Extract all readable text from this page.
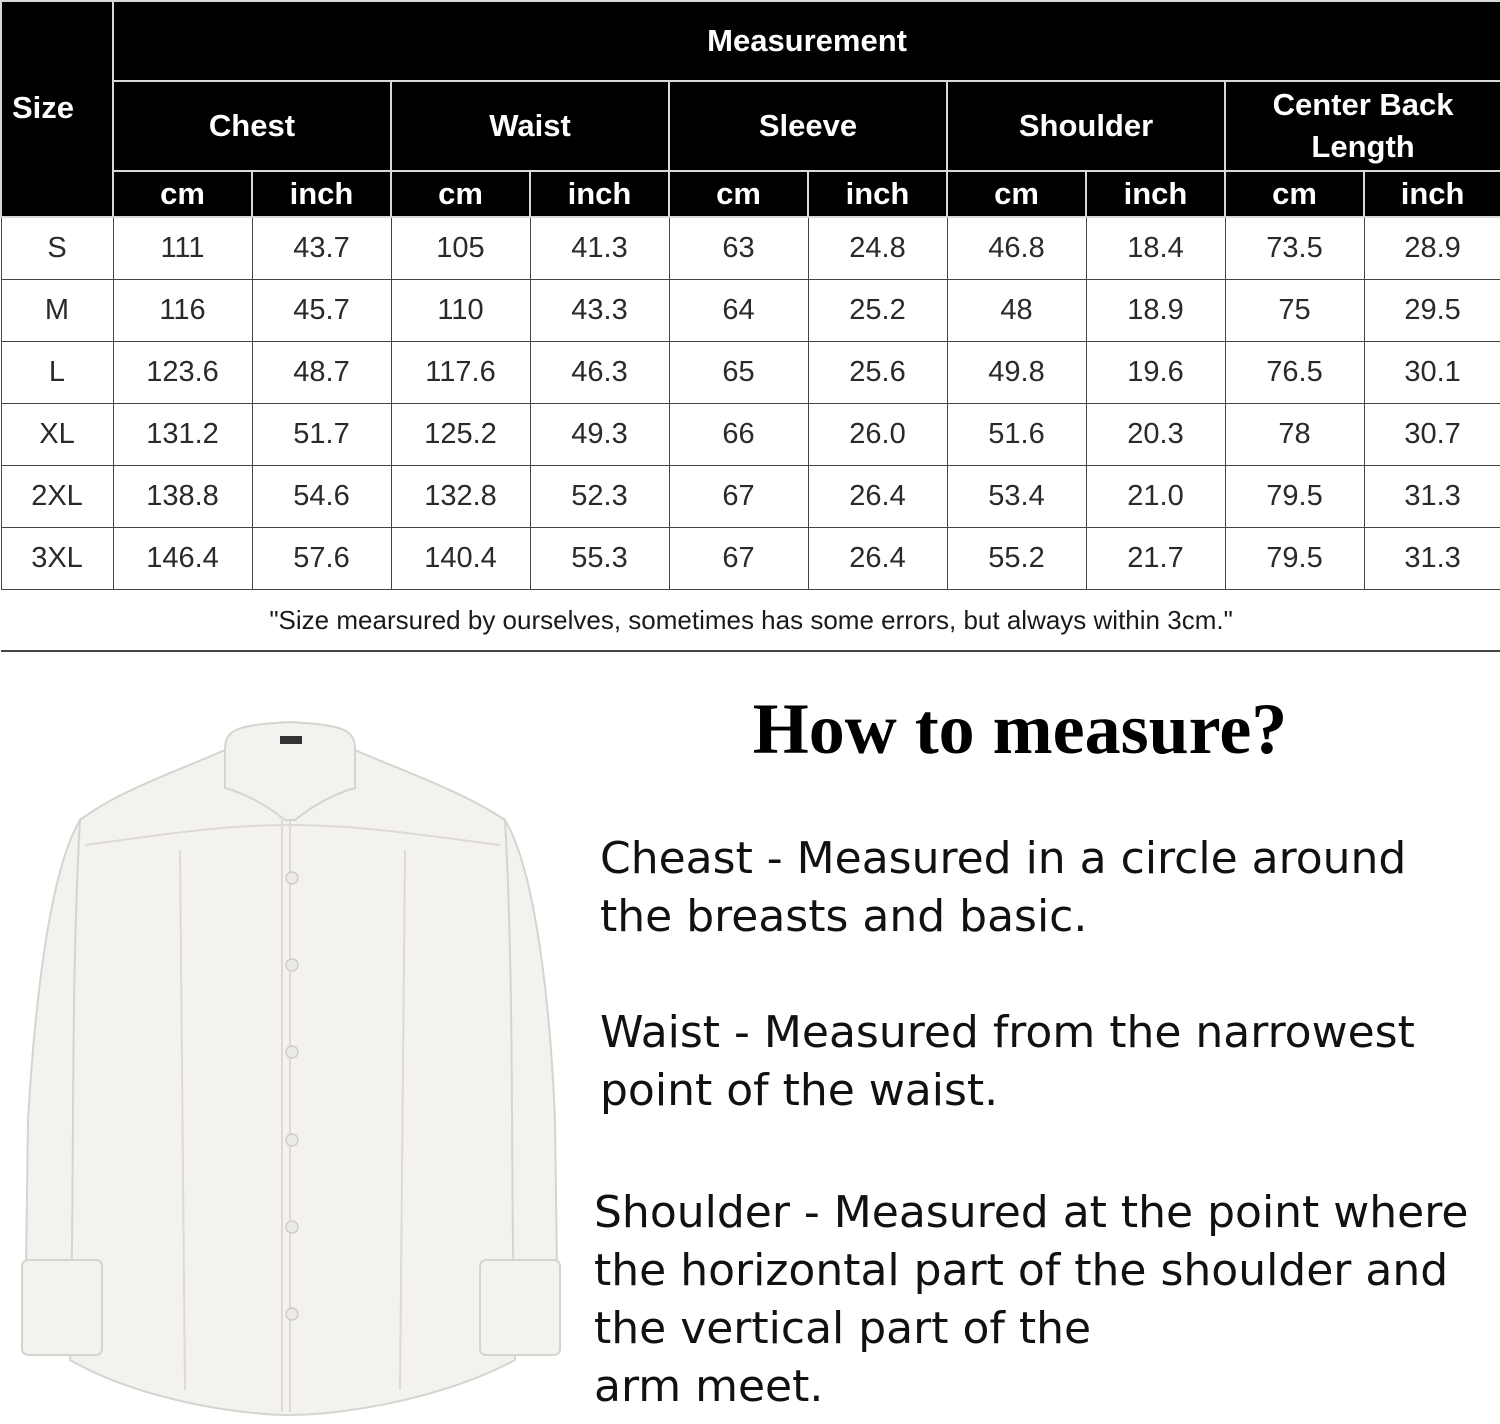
Size	Measurement									
	Chest		Waist		Sleeve		Shoulder		Center Back Length	
	cm	inch	cm	inch	cm	inch	cm	inch	cm	inch
S	111	43.7	105	41.3	63	24.8	46.8	18.4	73.5	28.9
M	116	45.7	110	43.3	64	25.2	48	18.9	75	29.5
L	123.6	48.7	117.6	46.3	65	25.6	49.8	19.6	76.5	30.1
XL	131.2	51.7	125.2	49.3	66	26.0	51.6	20.3	78	30.7
2XL	138.8	54.6	132.8	52.3	67	26.4	53.4	21.0	79.5	31.3
3XL	146.4	57.6	140.4	55.3	67	26.4	55.2	21.7	79.5	31.3
"Size mearsured by ourselves, sometimes has some errors, but always within 3cm."										
How to measure?

Cheast - Measured in a circle around
the breasts and basic.

Waist - Measured from the narrowest
point of the waist.

Shoulder - Measured at the point where
the horizontal part of the shoulder and
the vertical part of the
arm meet.
